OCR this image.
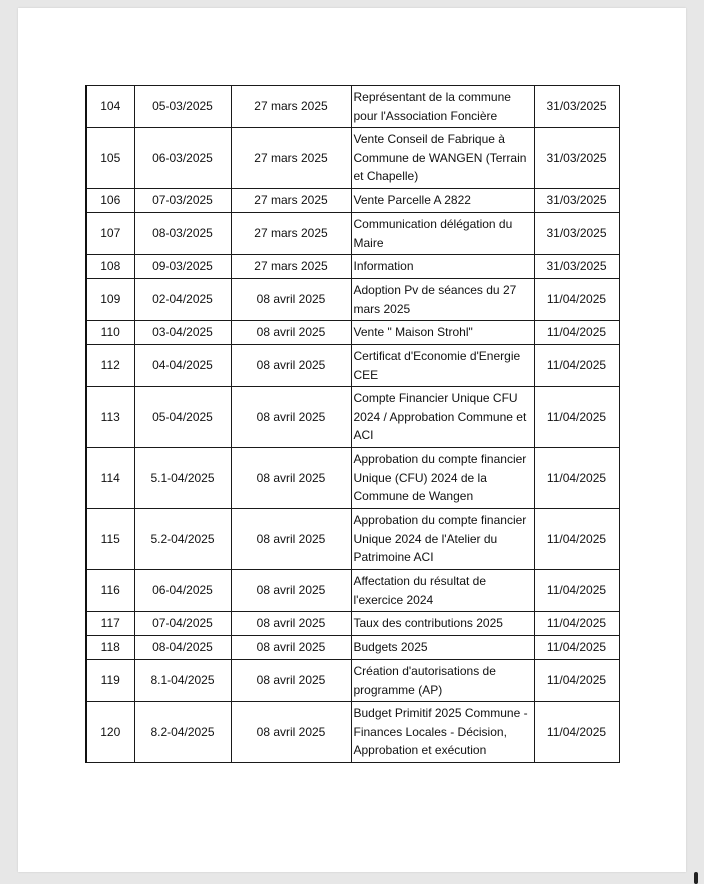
104	05-03/2025	27 mars 2025	Représentant de la commune pour l'Association Foncière	31/03/2025
105	06-03/2025	27 mars 2025	Vente Conseil de Fabrique à Commune de WANGEN (Terrain et Chapelle)	31/03/2025
106	07-03/2025	27 mars 2025	Vente Parcelle A 2822	31/03/2025
107	08-03/2025	27 mars 2025	Communication délégation du Maire	31/03/2025
108	09-03/2025	27 mars 2025	Information	31/03/2025
109	02-04/2025	08 avril 2025	Adoption Pv de séances du 27 mars 2025	11/04/2025
110	03-04/2025	08 avril 2025	Vente " Maison Strohl"	11/04/2025
112	04-04/2025	08 avril 2025	Certificat d'Economie d'Energie CEE	11/04/2025
113	05-04/2025	08 avril 2025	Compte Financier Unique CFU 2024 / Approbation Commune et ACI	11/04/2025
114	5.1-04/2025	08 avril 2025	Approbation du compte financier Unique (CFU) 2024 de la Commune de Wangen	11/04/2025
115	5.2-04/2025	08 avril 2025	Approbation du compte financier Unique 2024 de l'Atelier du Patrimoine ACI	11/04/2025
116	06-04/2025	08 avril 2025	Affectation du résultat de l'exercice 2024	11/04/2025
117	07-04/2025	08 avril 2025	Taux des contributions 2025	11/04/2025
118	08-04/2025	08 avril 2025	Budgets 2025	11/04/2025
119	8.1-04/2025	08 avril 2025	Création d'autorisations de programme (AP)	11/04/2025
120	8.2-04/2025	08 avril 2025	Budget Primitif 2025 Commune - Finances Locales - Décision, Approbation et exécution	11/04/2025
